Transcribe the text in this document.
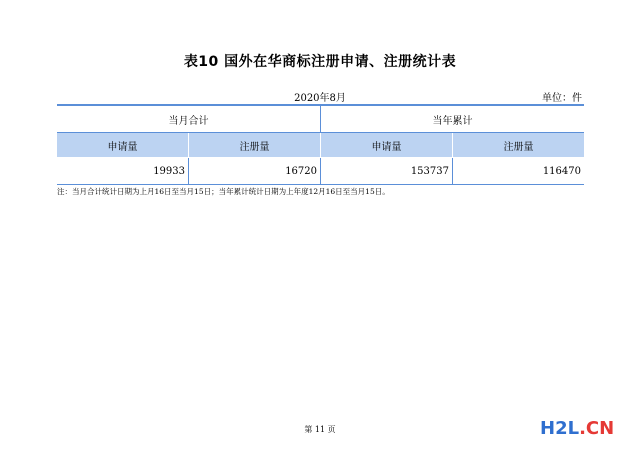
表10 国外在华商标注册申请、注册统计表
2020年8月	单位：件
当月合计	当年累计
申请量	注册量	申请量	注册量
19933	16720	153737	116470
注：当月合计统计日期为上月16日至当月15日；当年累计统计日期为上年度12月16日至当月15日。
第 11 页	H2L.CN
